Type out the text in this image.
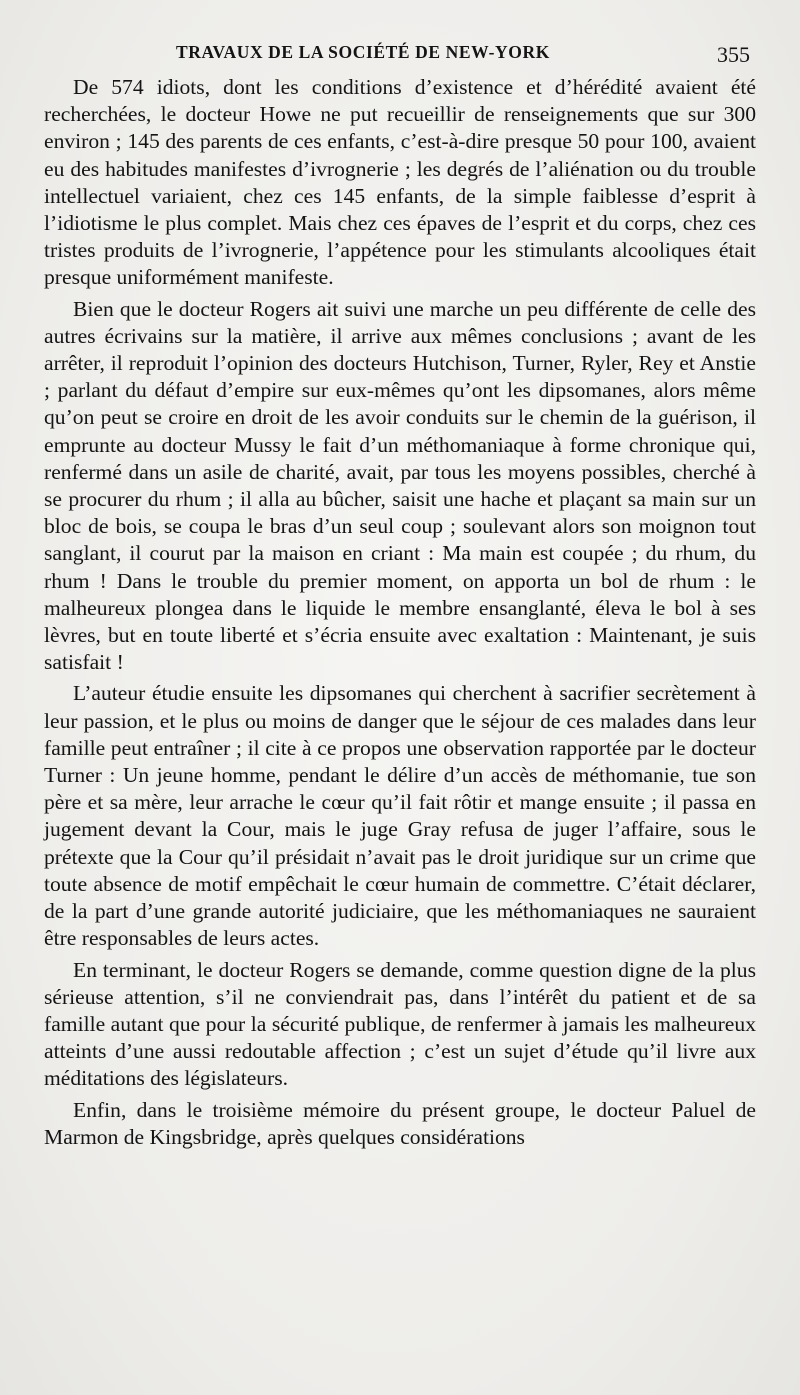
TRAVAUX DE LA SOCIÉTÉ DE NEW-YORK	355

De 574 idiots, dont les conditions d’existence et d’hérédité avaient été recherchées, le docteur Howe ne put recueillir de renseignements que sur 300 environ ; 145 des parents de ces enfants, c’est-à-dire presque 50 pour 100, avaient eu des habitudes manifestes d’ivrognerie ; les degrés de l’aliénation ou du trouble intellectuel variaient, chez ces 145 enfants, de la simple faiblesse d’esprit à l’idiotisme le plus complet. Mais chez ces épaves de l’esprit et du corps, chez ces tristes produits de l’ivrognerie, l’appétence pour les stimulants alcooliques était presque uniformément manifeste.

Bien que le docteur Rogers ait suivi une marche un peu différente de celle des autres écrivains sur la matière, il arrive aux mêmes conclusions ; avant de les arrêter, il reproduit l’opinion des docteurs Hutchison, Turner, Ryler, Rey et Anstie ; parlant du défaut d’empire sur eux-mêmes qu’ont les dipsomanes, alors même qu’on peut se croire en droit de les avoir conduits sur le chemin de la guérison, il emprunte au docteur Mussy le fait d’un méthomaniaque à forme chronique qui, renfermé dans un asile de charité, avait, par tous les moyens possibles, cherché à se procurer du rhum ; il alla au bûcher, saisit une hache et plaçant sa main sur un bloc de bois, se coupa le bras d’un seul coup ; soulevant alors son moignon tout sanglant, il courut par la maison en criant : Ma main est coupée ; du rhum, du rhum ! Dans le trouble du premier moment, on apporta un bol de rhum : le malheureux plongea dans le liquide le membre ensanglanté, éleva le bol à ses lèvres, but en toute liberté et s’écria ensuite avec exaltation : Maintenant, je suis satisfait !

L’auteur étudie ensuite les dipsomanes qui cherchent à sacrifier secrètement à leur passion, et le plus ou moins de danger que le séjour de ces malades dans leur famille peut entraîner ; il cite à ce propos une observation rapportée par le docteur Turner : Un jeune homme, pendant le délire d’un accès de méthomanie, tue son père et sa mère, leur arrache le cœur qu’il fait rôtir et mange ensuite ; il passa en jugement devant la Cour, mais le juge Gray refusa de juger l’affaire, sous le prétexte que la Cour qu’il présidait n’avait pas le droit juridique sur un crime que toute absence de motif empêchait le cœur humain de commettre. C’était déclarer, de la part d’une grande autorité judiciaire, que les méthomaniaques ne sauraient être responsables de leurs actes.

En terminant, le docteur Rogers se demande, comme question digne de la plus sérieuse attention, s’il ne conviendrait pas, dans l’intérêt du patient et de sa famille autant que pour la sécurité publique, de renfermer à jamais les malheureux atteints d’une aussi redoutable affection ; c’est un sujet d’étude qu’il livre aux méditations des législateurs.

Enfin, dans le troisième mémoire du présent groupe, le docteur Paluel de Marmon de Kingsbridge, après quelques considérations
